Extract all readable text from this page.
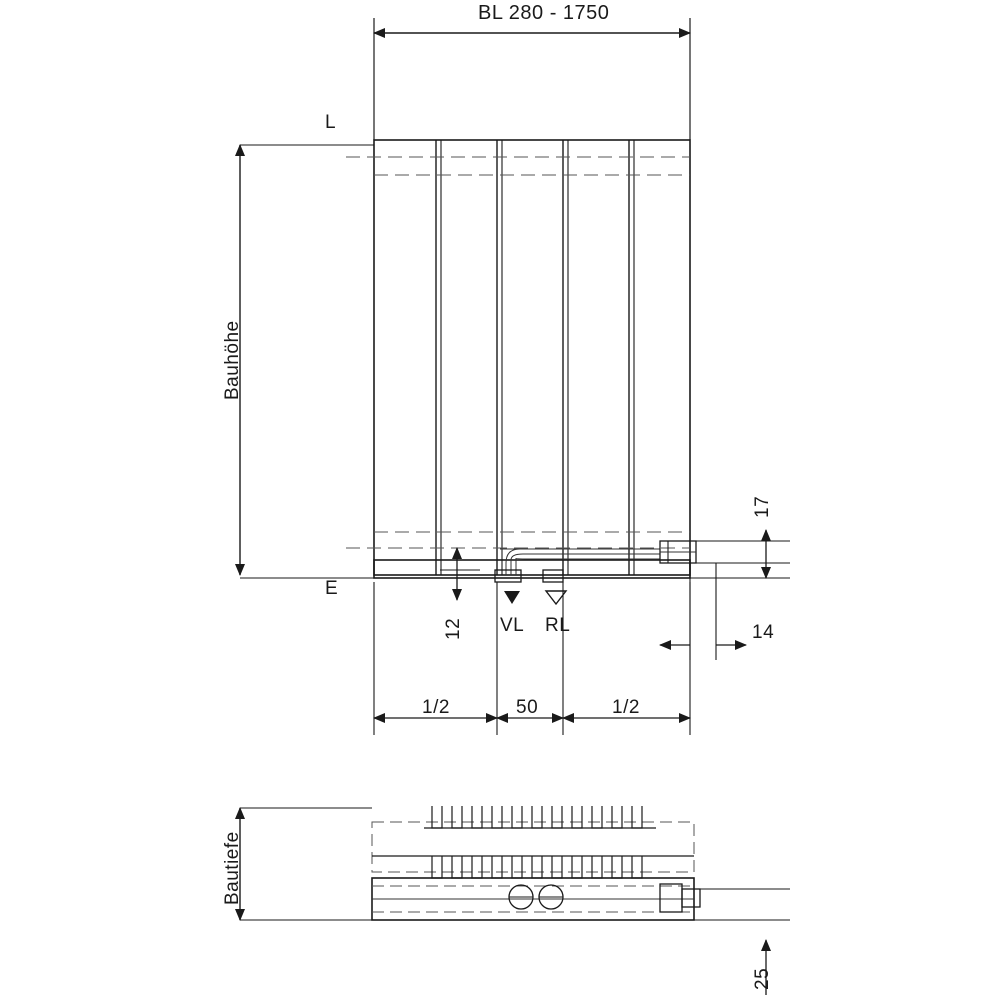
BL 280 - 1750
Bauhöhe
L
E
17
12	14
VL RL
1/2	50	1/2
Bautiefe
25
